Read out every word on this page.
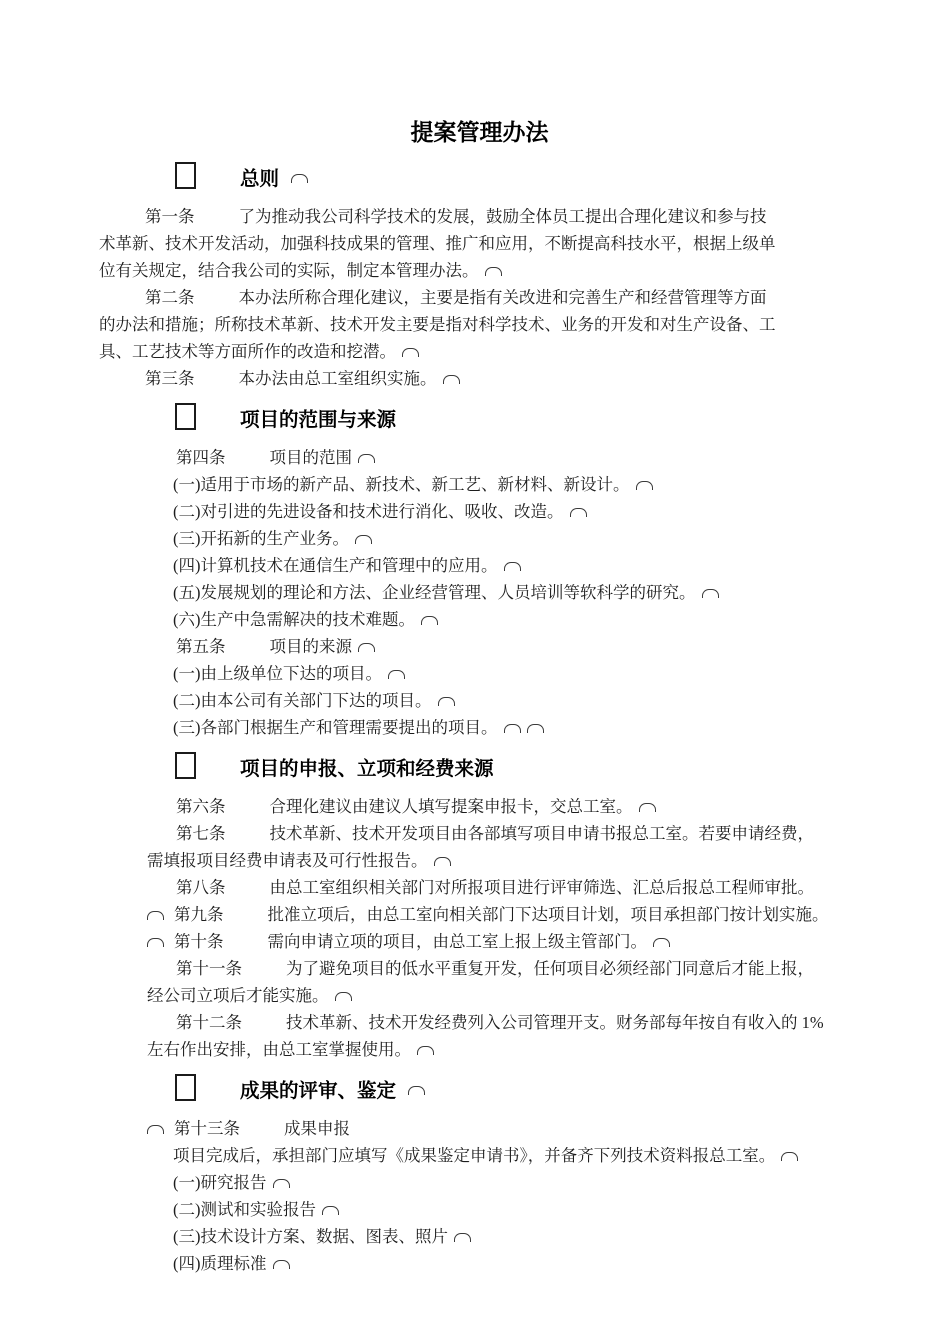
提案管理办法
总则
第一条	了为推动我公司科学技术的发展，鼓励全体员工提出合理化建议和参与技
术革新、技术开发活动，加强科技成果的管理、推广和应用，不断提高科技水平，根据上级单
位有关规定，结合我公司的实际，制定本管理办法。
第二条	本办法所称合理化建议，主要是指有关改进和完善生产和经营管理等方面
的办法和措施；所称技术革新、技术开发主要是指对科学技术、业务的开发和对生产设备、工
具、工艺技术等方面所作的改造和挖潜。
第三条	本办法由总工室组织实施。
项目的范围与来源
第四条	项目的范围
(一)适用于市场的新产品、新技术、新工艺、新材料、新设计。
(二)对引进的先进设备和技术进行消化、吸收、改造。
(三)开拓新的生产业务。
(四)计算机技术在通信生产和管理中的应用。
(五)发展规划的理论和方法、企业经营管理、人员培训等软科学的研究。
(六)生产中急需解决的技术难题。
第五条	项目的来源
(一)由上级单位下达的项目。
(二)由本公司有关部门下达的项目。
(三)各部门根据生产和管理需要提出的项目。
项目的申报、立项和经费来源
第六条	合理化建议由建议人填写提案申报卡，交总工室。
第七条	技术革新、技术开发项目由各部填写项目申请书报总工室。若要申请经费，
需填报项目经费申请表及可行性报告。
第八条	由总工室组织相关部门对所报项目进行评审筛选、汇总后报总工程师审批。
第九条	批准立项后，由总工室向相关部门下达项目计划，项目承担部门按计划实施。
第十条	需向申请立项的项目，由总工室上报上级主管部门。
第十一条	为了避免项目的低水平重复开发，任何项目必须经部门同意后才能上报，
经公司立项后才能实施。
第十二条	技术革新、技术开发经费列入公司管理开支。财务部每年按自有收入的 1%
左右作出安排，由总工室掌握使用。
成果的评审、鉴定
第十三条	成果申报
项目完成后，承担部门应填写《成果鉴定申请书》，并备齐下列技术资料报总工室。
(一)研究报告
(二)测试和实验报告
(三)技术设计方案、数据、图表、照片
(四)质理标准
